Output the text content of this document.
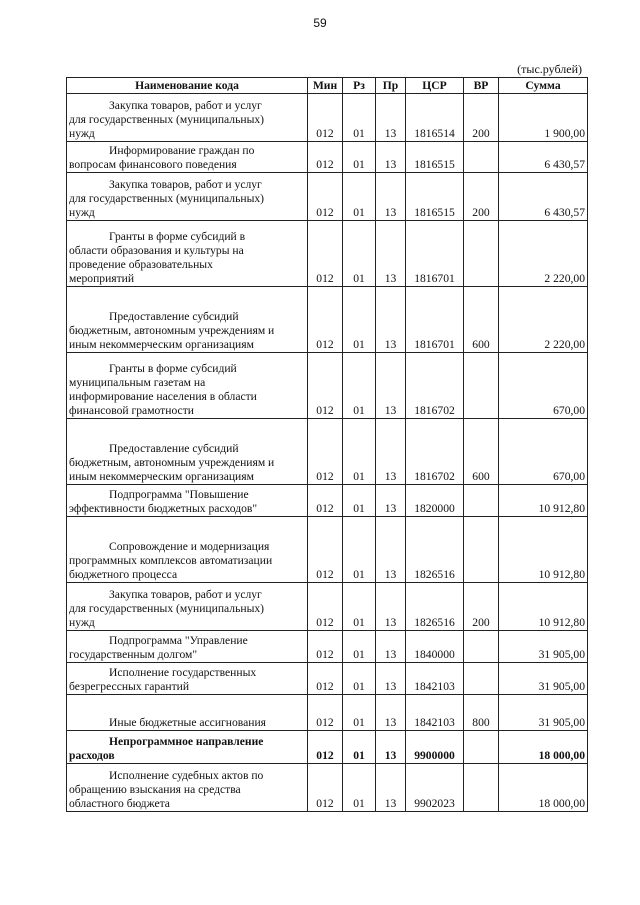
59
(тыс.рублей)
Наименование кода	Мин	Рз	Пр	ЦСР	ВР	Сумма

Закупка товаров, работ и услуг
для государственных (муниципальных)
нужд	012	01	13	1816514	200	1 900,00

Информирование граждан по
вопросам финансового поведения	012	01	13	1816515		6 430,57

Закупка товаров, работ и услуг
для государственных (муниципальных)
нужд	012	01	13	1816515	200	6 430,57

Гранты в форме субсидий в
области образования и культуры на
проведение образовательных
мероприятий	012	01	13	1816701		2 220,00

Предоставление субсидий
бюджетным, автономным учреждениям и
иным некоммерческим организациям	012	01	13	1816701	600	2 220,00

Гранты в форме субсидий
муниципальным газетам на
информирование населения в области
финансовой грамотности	012	01	13	1816702		670,00

Предоставление субсидий
бюджетным, автономным учреждениям и
иным некоммерческим организациям	012	01	13	1816702	600	670,00

Подпрограмма "Повышение
эффективности бюджетных расходов"	012	01	13	1820000		10 912,80

Сопровождение и модернизация
программных комплексов автоматизации
бюджетного процесса	012	01	13	1826516		10 912,80

Закупка товаров, работ и услуг
для государственных (муниципальных)
нужд	012	01	13	1826516	200	10 912,80

Подпрограмма "Управление
государственным долгом"	012	01	13	1840000		31 905,00

Исполнение государственных
безрегрессных гарантий	012	01	13	1842103		31 905,00

Иные бюджетные ассигнования	012	01	13	1842103	800	31 905,00

Непрограммное направление
расходов	012	01	13	9900000		18 000,00

Исполнение судебных актов по
обращению взыскания на средства
областного бюджета	012	01	13	9902023		18 000,00
